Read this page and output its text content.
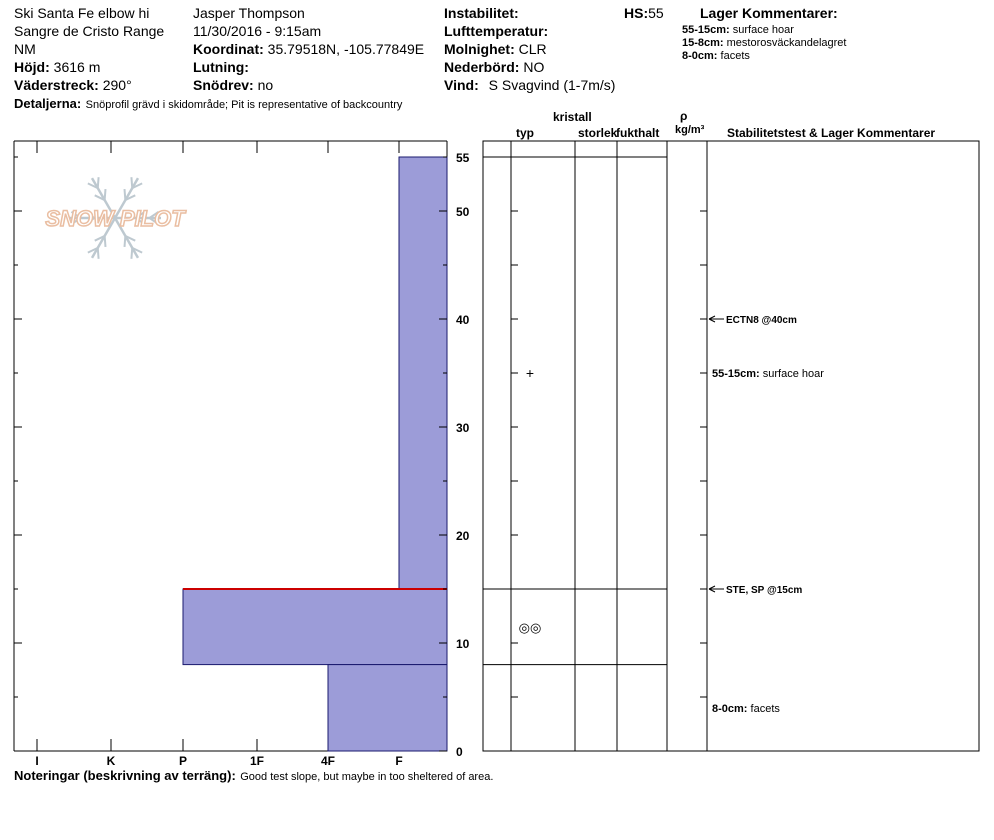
I	K	P	1F	4F	F
0
10
20
30
40
50
55
+
◎◎
ECTN8 @40cm
STE, SP @15cm
55-15cm: surface hoar
8-0cm: facets
SNOW PILOT
Ski Santa Fe elbow hi
Sangre de Cristo Range
NM
Höjd: 3616 m
Väderstreck: 290°
Detaljerna: Snöprofil grävd i skidområde; Pit is representative of backcountry
Jasper Thompson
11/30/2016 - 9:15am
Koordinat: 35.79518N, -105.77849E
Lutning:
Snödrev: no
Instabilitet:
Lufttemperatur:
Molnighet: CLR
Nederbörd: NO
Vind: S Svagvind (1-7m/s)
HS:55	Lager Kommentarer:
55-15cm: surface hoar
15-8cm: mestorosväckandelagret
8-0cm: facets
kristall
typ	storlek
fukthalt
ρ
kg/m³ Stabilitetstest & Lager Kommentarer
Noteringar (beskrivning av terräng): Good test slope, but maybe in too sheltered of area.
